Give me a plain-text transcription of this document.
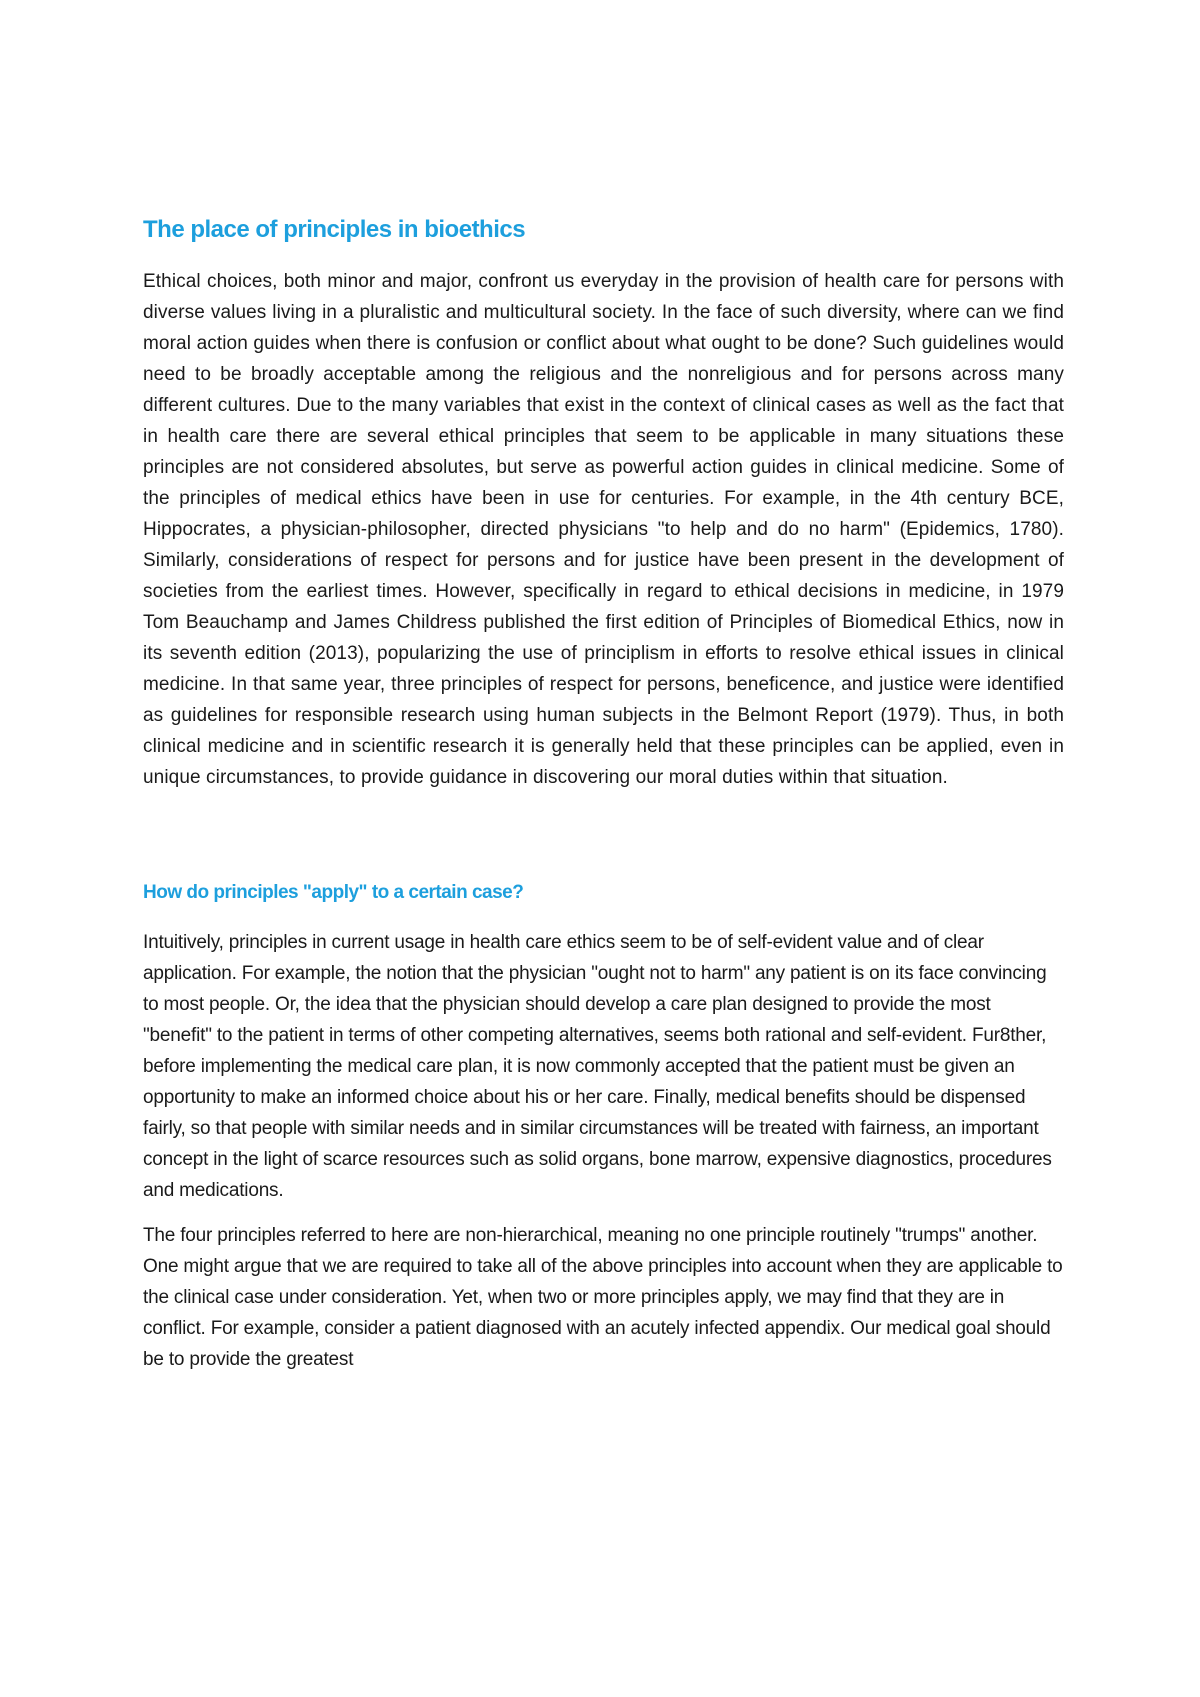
The place of principles in bioethics

Ethical choices, both minor and major, confront us everyday in the provision of health care for persons with diverse values living in a pluralistic and multicultural society. In the face of such diversity, where can we find moral action guides when there is confusion or conflict about what ought to be done? Such guidelines would need to be broadly acceptable among the religious and the nonreligious and for persons across many different cultures. Due to the many variables that exist in the context of clinical cases as well as the fact that in health care there are several ethical principles that seem to be applicable in many situations these principles are not considered absolutes, but serve as powerful action guides in clinical medicine. Some of the principles of medical ethics have been in use for centuries. For example, in the 4th century BCE, Hippocrates, a physician-philosopher, directed physicians "to help and do no harm" (Epidemics, 1780). Similarly, considerations of respect for persons and for justice have been present in the development of societies from the earliest times. However, specifically in regard to ethical decisions in medicine, in 1979 Tom Beauchamp and James Childress published the first edition of Principles of Biomedical Ethics, now in its seventh edition (2013), popularizing the use of principlism in efforts to resolve ethical issues in clinical medicine. In that same year, three principles of respect for persons, beneficence, and justice were identified as guidelines for responsible research using human subjects in the Belmont Report (1979). Thus, in both clinical medicine and in scientific research it is generally held that these principles can be applied, even in unique circumstances, to provide guidance in discovering our moral duties within that situation.

How do principles "apply" to a certain case?

Intuitively, principles in current usage in health care ethics seem to be of self-evident value and of clear application. For example, the notion that the physician "ought not to harm" any patient is on its face convincing to most people. Or, the idea that the physician should develop a care plan designed to provide the most "benefit" to the patient in terms of other competing alternatives, seems both rational and self-evident. Fur8ther, before implementing the medical care plan, it is now commonly accepted that the patient must be given an opportunity to make an informed choice about his or her care. Finally, medical benefits should be dispensed fairly, so that people with similar needs and in similar circumstances will be treated with fairness, an important concept in the light of scarce resources such as solid organs, bone marrow, expensive diagnostics, procedures and medications.

The four principles referred to here are non-hierarchical, meaning no one principle routinely "trumps" another. One might argue that we are required to take all of the above principles into account when they are applicable to the clinical case under consideration. Yet, when two or more principles apply, we may find that they are in conflict. For example, consider a patient diagnosed with an acutely infected appendix. Our medical goal should be to provide the greatest
